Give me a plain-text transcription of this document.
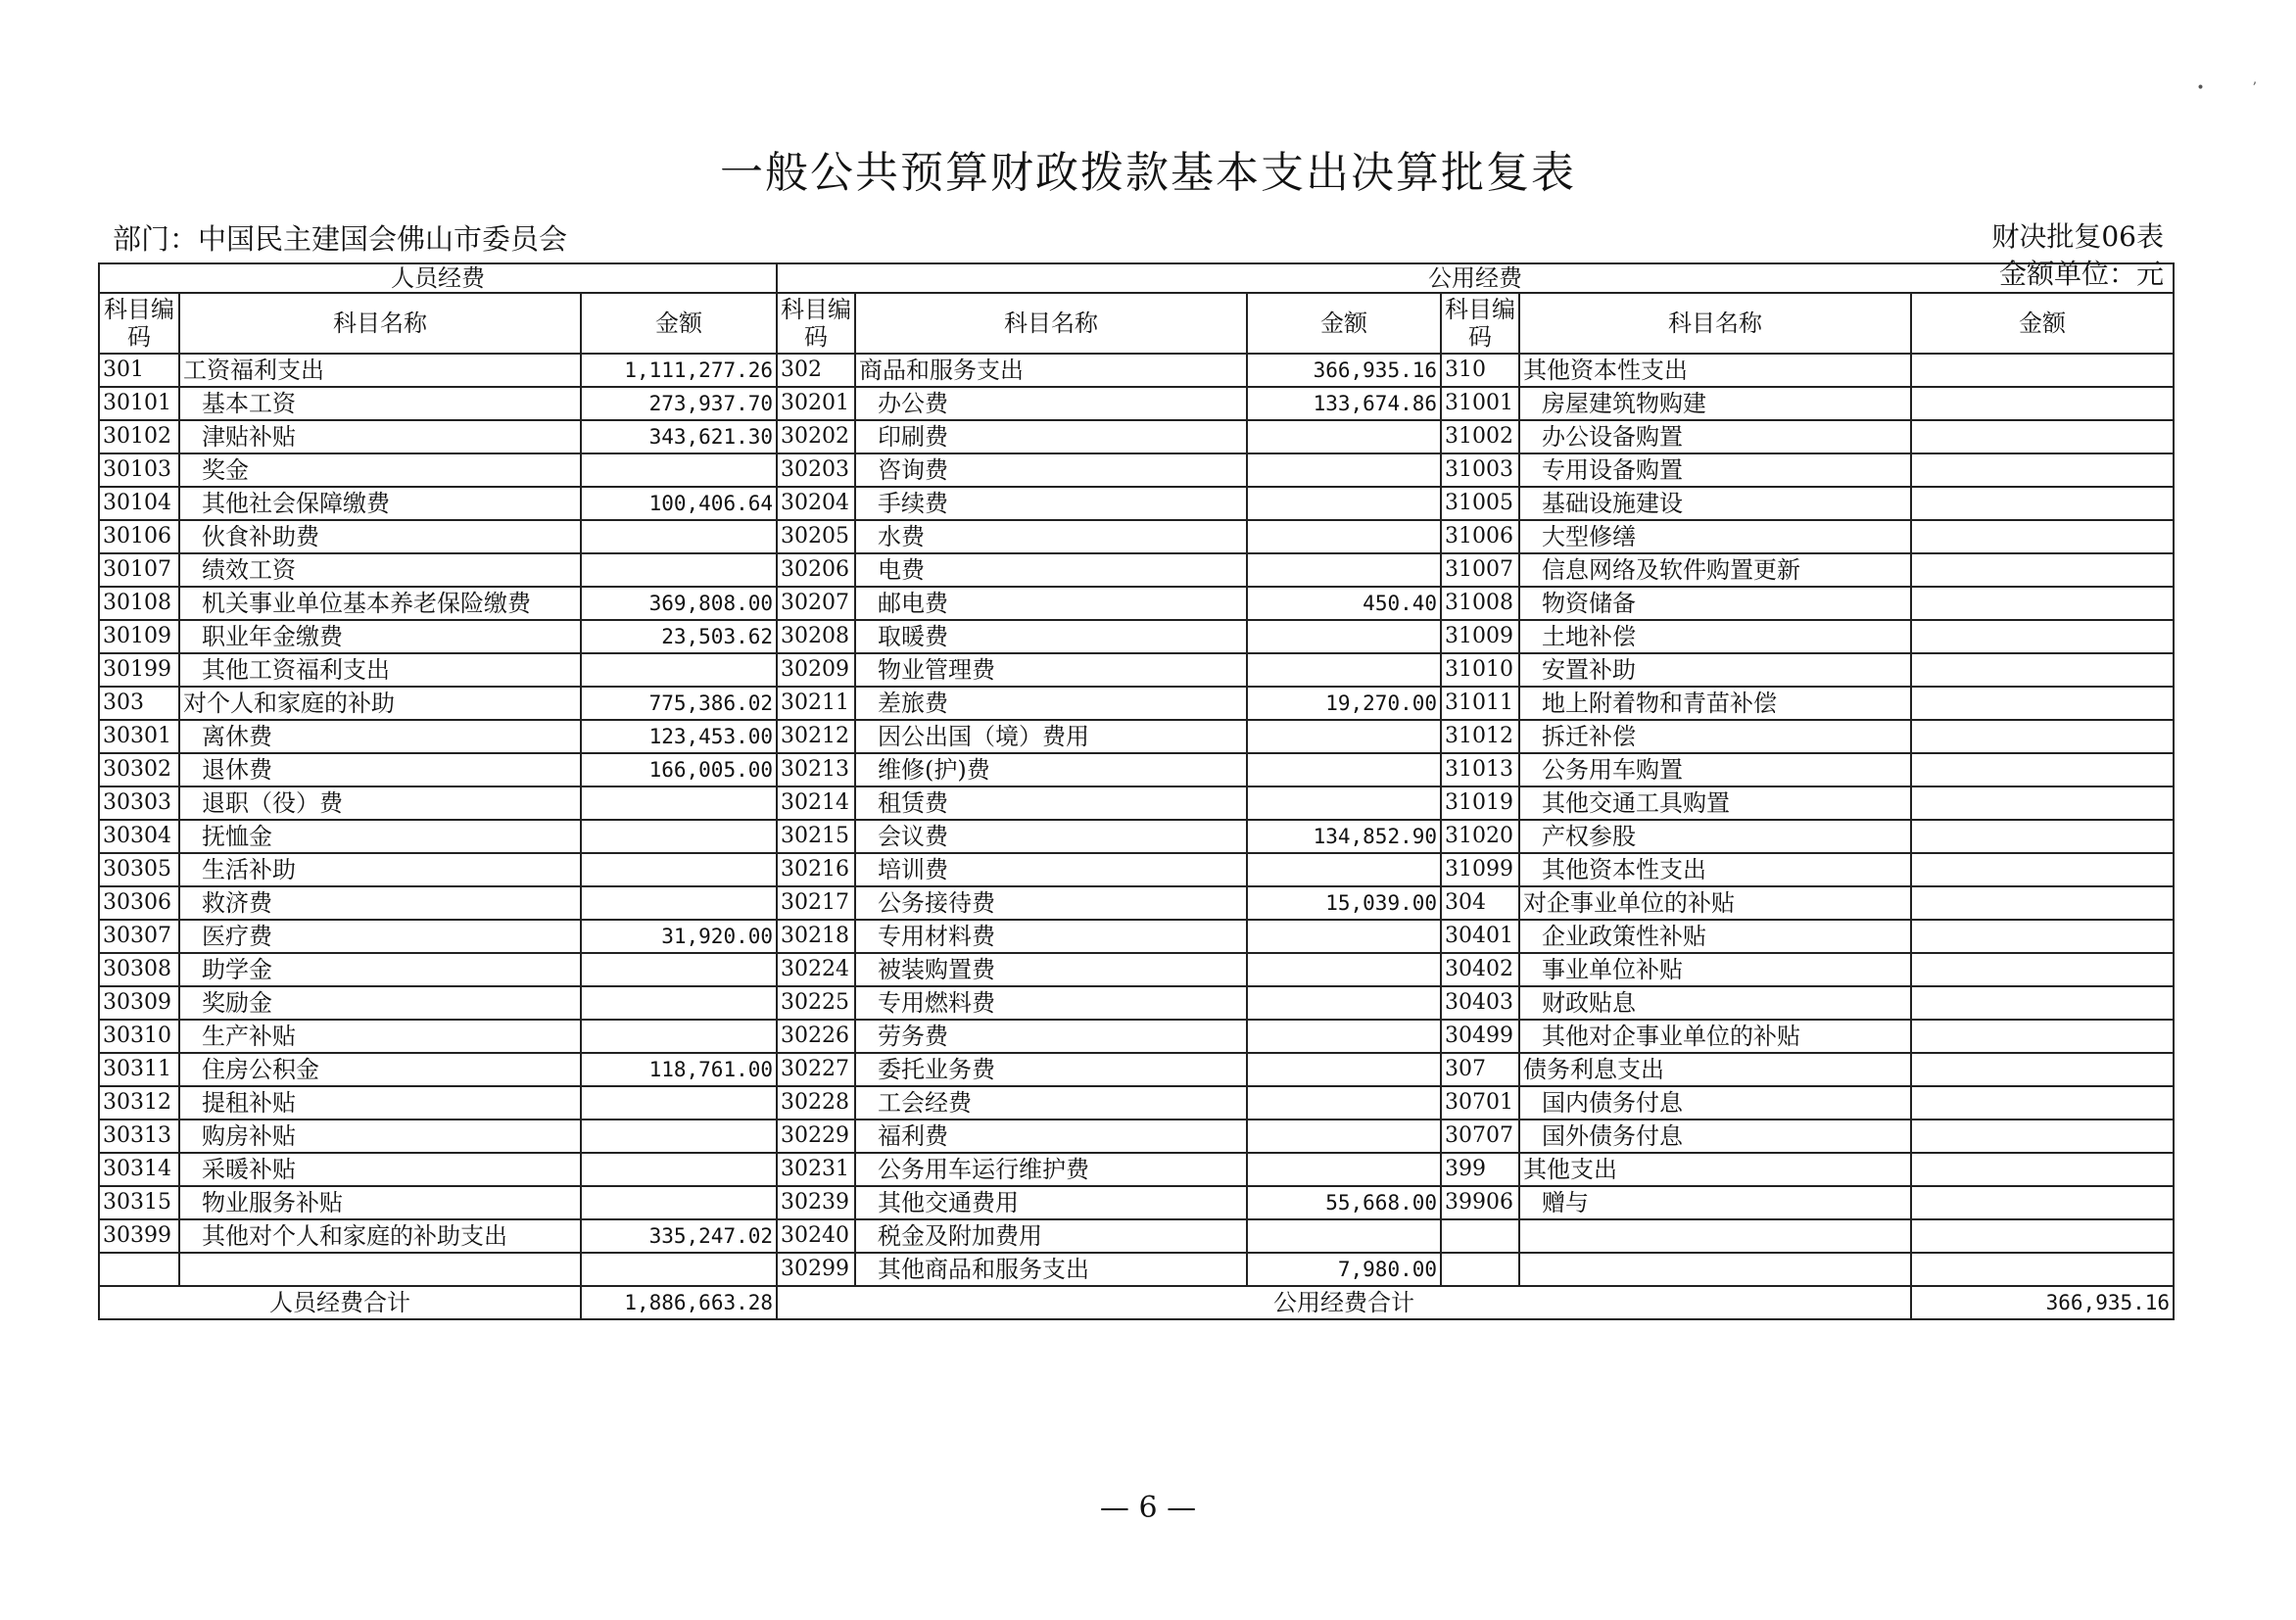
•           ’
一般公共预算财政拨款基本支出决算批复表
部门：中国民主建国会佛山市委员会	财决批复06表
金额单位：元
人员经费			公用经费					
科目编码	科目名称	金额	科目编码	科目名称	金额	科目编码	科目名称	金额
301	工资福利支出	1,111,277.26	302	商品和服务支出	366,935.16	310	其他资本性支出	
30101	基本工资	273,937.70	30201	办公费	133,674.86	31001	房屋建筑物购建	
30102	津贴补贴	343,621.30	30202	印刷费		31002	办公设备购置	
30103	奖金		30203	咨询费		31003	专用设备购置	
30104	其他社会保障缴费	100,406.64	30204	手续费		31005	基础设施建设	
30106	伙食补助费		30205	水费		31006	大型修缮	
30107	绩效工资		30206	电费		31007	信息网络及软件购置更新	
30108	机关事业单位基本养老保险缴费	369,808.00	30207	邮电费	450.40	31008	物资储备	
30109	职业年金缴费	23,503.62	30208	取暖费		31009	土地补偿	
30199	其他工资福利支出		30209	物业管理费		31010	安置补助	
303	对个人和家庭的补助	775,386.02	30211	差旅费	19,270.00	31011	地上附着物和青苗补偿	
30301	离休费	123,453.00	30212	因公出国（境）费用		31012	拆迁补偿	
30302	退休费	166,005.00	30213	维修(护)费		31013	公务用车购置	
30303	退职（役）费		30214	租赁费		31019	其他交通工具购置	
30304	抚恤金		30215	会议费	134,852.90	31020	产权参股	
30305	生活补助		30216	培训费		31099	其他资本性支出	
30306	救济费		30217	公务接待费	15,039.00	304	对企事业单位的补贴	
30307	医疗费	31,920.00	30218	专用材料费		30401	企业政策性补贴	
30308	助学金		30224	被装购置费		30402	事业单位补贴	
30309	奖励金		30225	专用燃料费		30403	财政贴息	
30310	生产补贴		30226	劳务费		30499	其他对企事业单位的补贴	
30311	住房公积金	118,761.00	30227	委托业务费		307	债务利息支出	
30312	提租补贴		30228	工会经费		30701	国内债务付息	
30313	购房补贴		30229	福利费		30707	国外债务付息	
30314	采暖补贴		30231	公务用车运行维护费		399	其他支出	
30315	物业服务补贴		30239	其他交通费用	55,668.00	39906	赠与	
30399	其他对个人和家庭的补助支出	335,247.02	30240	税金及附加费用				
			30299	其他商品和服务支出	7,980.00			
人员经费合计		1,886,663.28	公用经费合计					366,935.16
— 6 —
